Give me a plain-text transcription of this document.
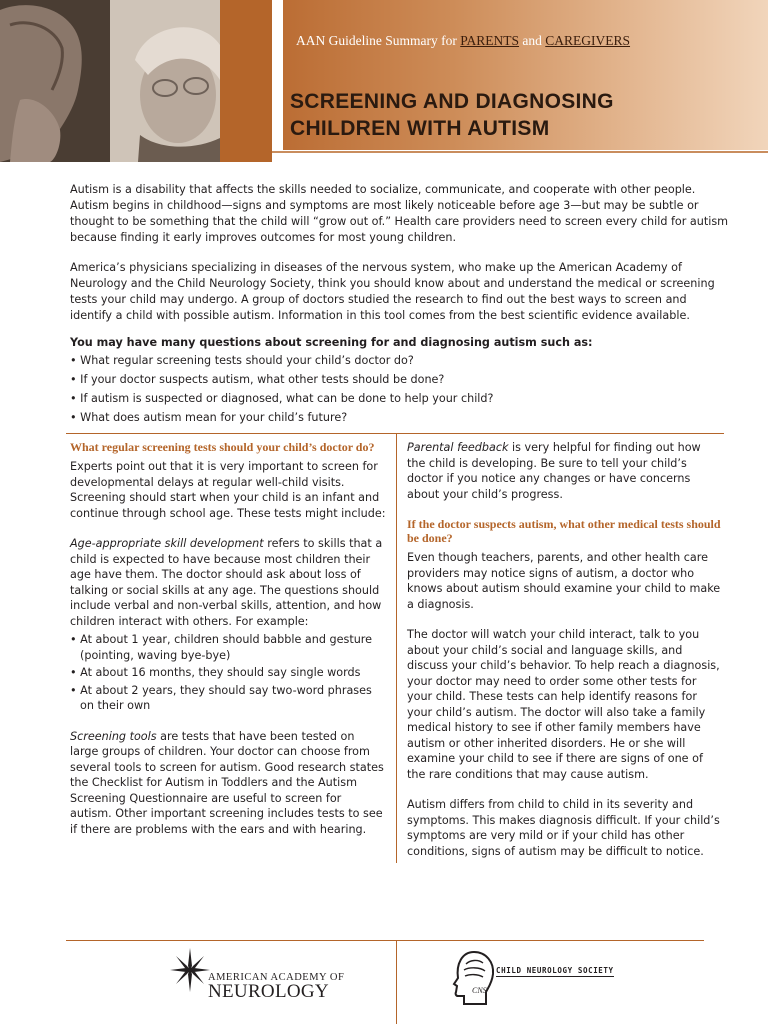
AAN Guideline Summary for PARENTS and CAREGIVERS
SCREENING AND DIAGNOSING
CHILDREN WITH AUTISM

Autism is a disability that affects the skills needed to socialize, communicate, and cooperate with other people. Autism begins in childhood—signs and symptoms are most likely noticeable before age 3—but may be subtle or thought to be something that the child will “grow out of.” Health care providers need to screen every child for autism because finding it early improves outcomes for most young children.

America’s physicians specializing in diseases of the nervous system, who make up the American Academy of Neurology and the Child Neurology Society, think you should know about and understand the medical or screening tests your child may undergo. A group of doctors studied the research to find out the best ways to screen and identify a child with possible autism. Information in this tool comes from the best scientific evidence available.

You may have many questions about screening for and diagnosing autism such as:
• What regular screening tests should your child’s doctor do?
• If your doctor suspects autism, what other tests should be done?
• If autism is suspected or diagnosed, what can be done to help your child?
• What does autism mean for your child’s future?
What regular screening tests should your child’s doctor do?

Experts point out that it is very important to screen for developmental delays at regular well-child visits. Screening should start when your child is an infant and continue through school age. These tests might include:

Age-appropriate skill development refers to skills that a child is expected to have because most children their age have them. The doctor should ask about loss of talking or social skills at any age. The questions should include verbal and non-verbal skills, attention, and how children interact with others. For example:

• At about 1 year, children should babble and gesture (pointing, waving bye-bye)
• At about 16 months, they should say single words
• At about 2 years, they should say two-word phrases on their own

Screening tools are tests that have been tested on large groups of children. Your doctor can choose from several tools to screen for autism. Good research states the Checklist for Autism in Toddlers and the Autism Screening Questionnaire are useful to screen for autism. Other important screening includes tests to see if there are problems with the ears and with hearing.

Parental feedback is very helpful for finding out how the child is developing. Be sure to tell your child’s doctor if you notice any changes or have concerns about your child’s progress.

If the doctor suspects autism, what other medical tests should be done?

Even though teachers, parents, and other health care providers may notice signs of autism, a doctor who knows about autism should examine your child to make a diagnosis.

The doctor will watch your child interact, talk to you about your child’s social and language skills, and discuss your child’s behavior. To help reach a diagnosis, your doctor may need to order some other tests for your child. These tests can help identify reasons for your child’s autism. The doctor will also take a family medical history to see if other family members have autism or other inherited disorders. He or she will examine your child to see if there are signs of one of the rare conditions that may cause autism.

Autism differs from child to child in its severity and symptoms. This makes diagnosis difficult. If your child’s symptoms are very mild or if your child has other conditions, signs of autism may be difficult to notice.

AMERICAN ACADEMY OF
NEUROLOGY	CNS
CHILD NEUROLOGY SOCIETY
